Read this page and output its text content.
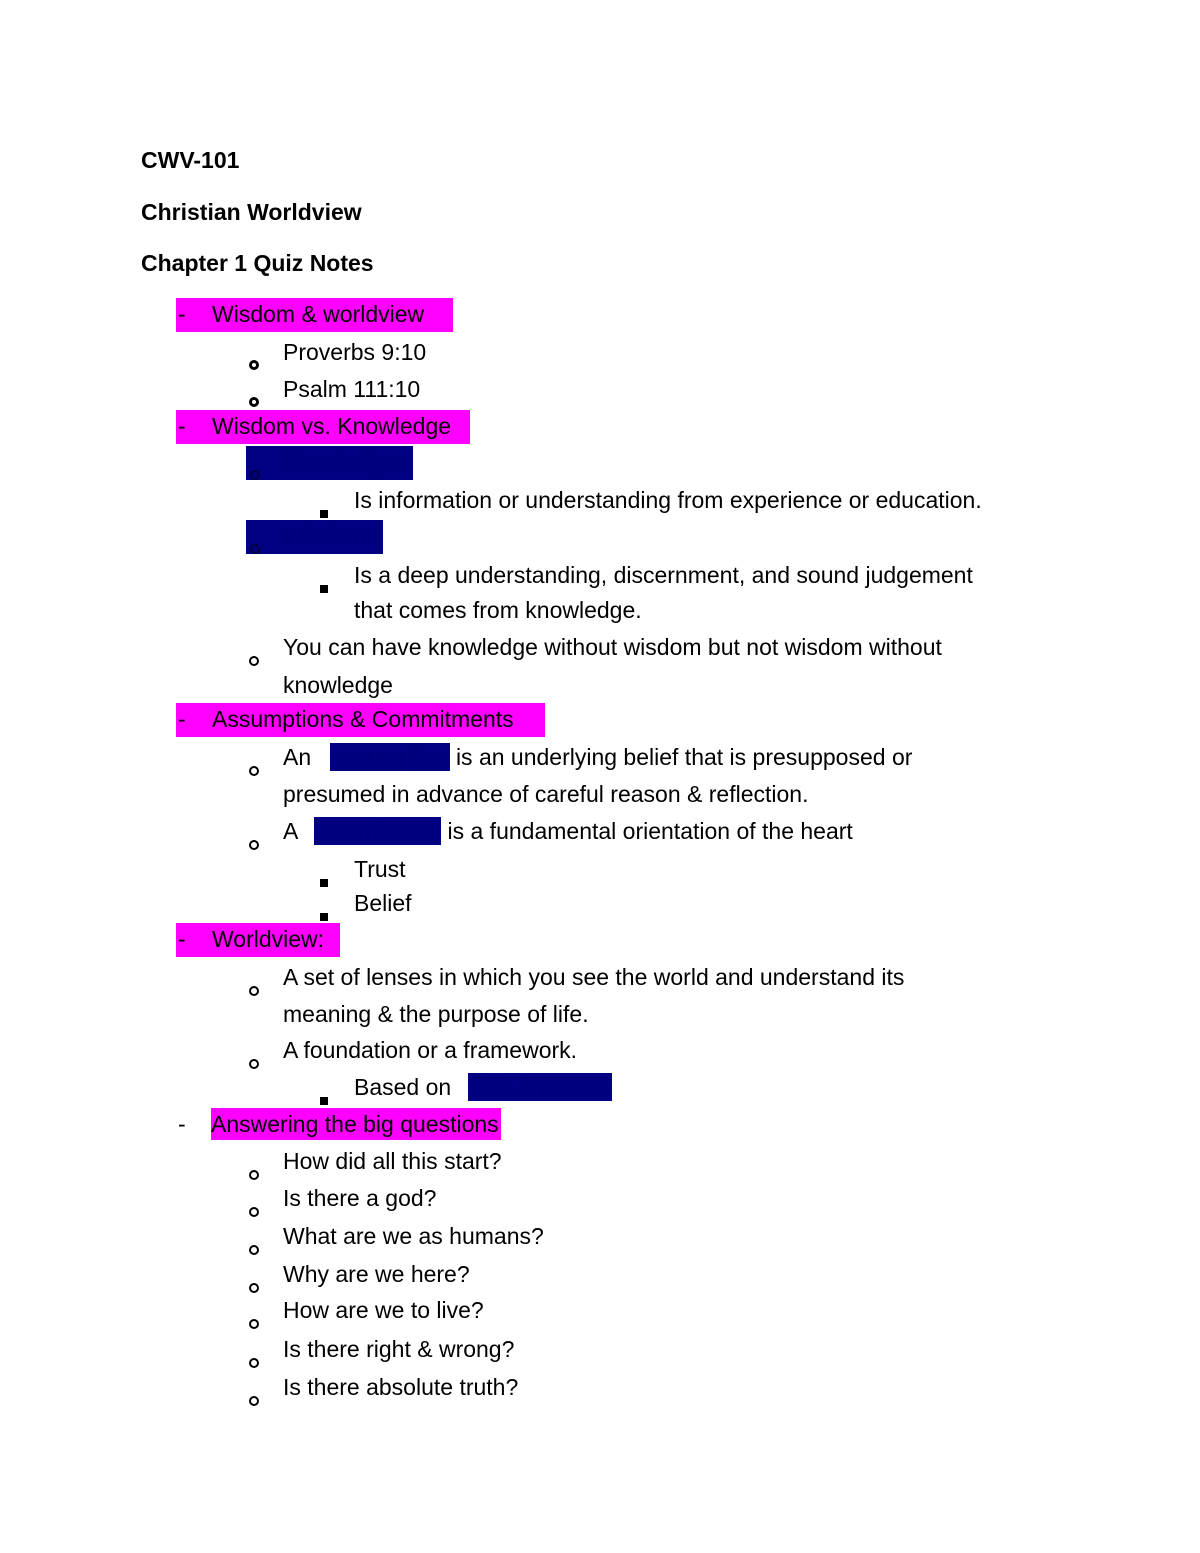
CWV-101
Christian Worldview
Chapter 1 Quiz Notes
- Wisdom & worldview
Proverbs 9:10
Psalm 111:10
- Wisdom vs. Knowledge
Knowledge:
Is information or understanding from experience or education.
Wisdom:
Is a deep understanding, discernment, and sound judgement
that comes from knowledge.
You can have knowledge without wisdom but not wisdom without
knowledge
- Assumptions & Commitments
An assumption is an underlying belief that is presupposed or
presumed in advance of careful reason & reflection.
A commitment is a fundamental orientation of the heart
Trust
Belief
- Worldview:
A set of lenses in which you see the world and understand its
meaning & the purpose of life.
A foundation or a framework.
Based on faith & reason
- Answering the big questions
How did all this start?
Is there a god?
What are we as humans?
Why are we here?
How are we to live?
Is there right & wrong?
Is there absolute truth?
